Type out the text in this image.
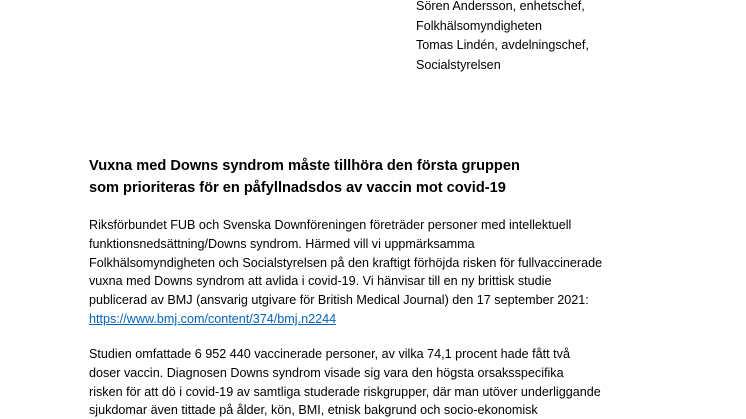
Sören Andersson, enhetschef,
Folkhälsomyndigheten
Tomas Lindén, avdelningschef,
Socialstyrelsen
Vuxna med Downs syndrom måste tillhöra den första gruppen
som prioriteras för en påfyllnadsdos av vaccin mot covid-19
Riksförbundet FUB och Svenska Downföreningen företräder personer med intellektuell
funktionsnedsättning/Downs syndrom. Härmed vill vi uppmärksamma
Folkhälsomyndigheten och Socialstyrelsen på den kraftigt förhöjda risken för fullvaccinerade
vuxna med Downs syndrom att avlida i covid-19. Vi hänvisar till en ny brittisk studie
publicerad av BMJ (ansvarig utgivare för British Medical Journal) den 17 september 2021:
https://www.bmj.com/content/374/bmj.n2244
Studien omfattade 6 952 440 vaccinerade personer, av vilka 74,1 procent hade fått två
doser vaccin. Diagnosen Downs syndrom visade sig vara den högsta orsaksspecifika
risken för att dö i covid-19 av samtliga studerade riskgrupper, där man utöver underliggande
sjukdomar även tittade på ålder, kön, BMI, etnisk bakgrund och socio-ekonomisk
